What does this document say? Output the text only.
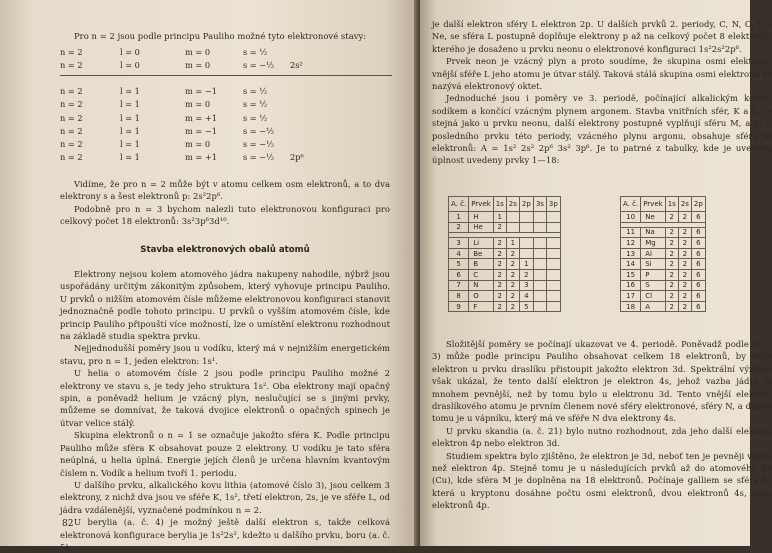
Pro n = 2 jsou podle principu Pauliho možné tyto elektronové stavy:

n = 2	l = 0	m = 0	s = ½
n = 2	l = 0	m = 0	s = −½ 2s²
n = 2	l = 1	m = −1	s = ½
n = 2	l = 1	m = 0	s = ½
n = 2	l = 1	m = +1	s = ½
n = 2	l = 1	m = −1	s = −½
n = 2	l = 1	m = 0	s = −½
n = 2	l = 1	m = +1	s = −½ 2p⁶

Vidíme, že pro n = 2 může být v atomu celkem osm elektronů, a to dva elektrony s a šest elektronů p: 2s²2p⁶.

Podobně pro n = 3 bychom nalezli tuto elektronovou konfiguraci pro celkový počet 18 elektronů: 3s²3p⁶3d¹⁰.

Stavba elektronových obalů atomů

Elektrony nejsou kolem atomového jádra nakupeny nahodile, nýbrž jsou uspořádány určitým zákonitým způsobem, který vyhovuje principu Pauliho. U prvků o nižším atomovém čísle můžeme elektronovou konfiguraci stanovit jednoznačně podle tohoto principu. U prvků o vyšším atomovém čísle, kde princip Pauliho připouští více možností, lze o umístění elektronu rozhodnout na základě studia spektra prvku.

Nejjednodušší poměry jsou u vodíku, který má v nejnižším energetickém stavu, pro n = 1, jeden elektron: 1s¹.

U helia o atomovém čísle 2 jsou podle principu Pauliho možné 2 elektrony ve stavu s, je tedy jeho struktura 1s². Oba elektrony mají opačný spin, a poněvadž helium je vzácný plyn, neslučující se s jinými prvky, můžeme se domnívat, že taková dvojice elektronů o opačných spinech je útvar velice stálý.

Skupina elektronů o n = 1 se označuje jakožto sféra K. Podle principu Pauliho může sféra K obsahovat pouze 2 elektrony. U vodíku je tato sféra neúplná, u helia úplná. Energie jejích členů je určena hlavním kvantovým číslem n. Vodík a helium tvoří 1. periodu.

U dalšího prvku, alkalického kovu lithia (atomové číslo 3), jsou celkem 3 elektrony, z nichž dva jsou ve sféře K, 1s², třetí elektron, 2s, je ve sféře L, od jádra vzdálenější, vyznačené podmínkou n = 2.

U berylia (a. č. 4) je možný ještě další elektron s, takže celková elektronová konfigurace berylia je 1s²2s², kdežto u dalšího prvku, boru (a. č. 5),

82

je další elektron sféry L elektron 2p. U dalších prvků 2. periody, C, N, O, F a Ne, se sféra L postupně doplňuje elektrony p až na celkový počet 8 elektronů, kterého je dosaženo u prvku neonu o elektronové konfiguraci 1s²2s²2p⁶.

Prvek neon je vzácný plyn a proto soudíme, že skupina osmi elektronů vnější sféře L jeho atomu je útvar stálý. Taková stálá skupina osmi elektronů se nazývá elektronový oktet.

Jednoduché jsou i poměry ve 3. periodě, počínající alkalickým kovem sodíkem a končící vzácným plynem argonem. Stavba vnitřních sfér, K a L, je stejná jako u prvku neonu, další elektrony postupně vyplňují sféru M, a to u posledního prvku této periody, vzácného plynu argonu, obsahuje sféra M elektronů: A = 1s² 2s² 2p⁶ 3s² 3p⁶. Je to patrné z tabulky, kde je uvedena úplnost uvedeny prvky 1—18:

A. č.	Prvek	1s	2s	2p	3s	3p
1	H	1				
2	He	2				

3	Li	2	1			
4	Be	2	2			
5	B	2	2	1		
6	C	2	2	2		
7	N	2	2	3		
8	O	2	2	4		
9	F	2	2	5		
A. č.	Prvek	1s	2s	2p
10	Ne	2	2	6

11	Na	2	2	6
12	Mg	2	2	6
13	Al	2	2	6
14	Si	2	2	6
15	P	2	2	6
16	S	2	2	6
17	Cl	2	2	6
18	A	2	2	6

Složitější poměry se počínají ukazovat ve 4. periodě. Poněvadž podle (n = 3) může podle principu Pauliho obsahovat celkem 18 elektronů, by další elektron u prvku draslíku přistoupit jakožto elektron 3d. Spektrální výzkum však ukázal, že tento další elektron je elektron 4s, jehož vazba jádro je mnohem pevnější, než by tomu bylo u elektronu 3d. Tento vnější elektron draslíkového atomu je prvním členem nové sféry elektronové, sféry N, a dobně tomu je u vápníku, který má ve sféře N dva elektrony 4s.

U prvku skandia (a. č. 21) bylo nutno rozhodnout, zda jeho další elektron elektron 4p nebo elektron 3d.

Studiem spektra bylo zjištěno, že elektron je 3d, neboť ten je pevněji vázán než elektron 4p. Stejně tomu je u následujících prvků až do atomového 29 (Cu), kde sféra M je doplněna na 18 elektronů. Počínaje galliem se sféra N, která u kryptonu dosáhne počtu osmi elektronů, dvou elektronů 4s, šesti elektronů 4p.
